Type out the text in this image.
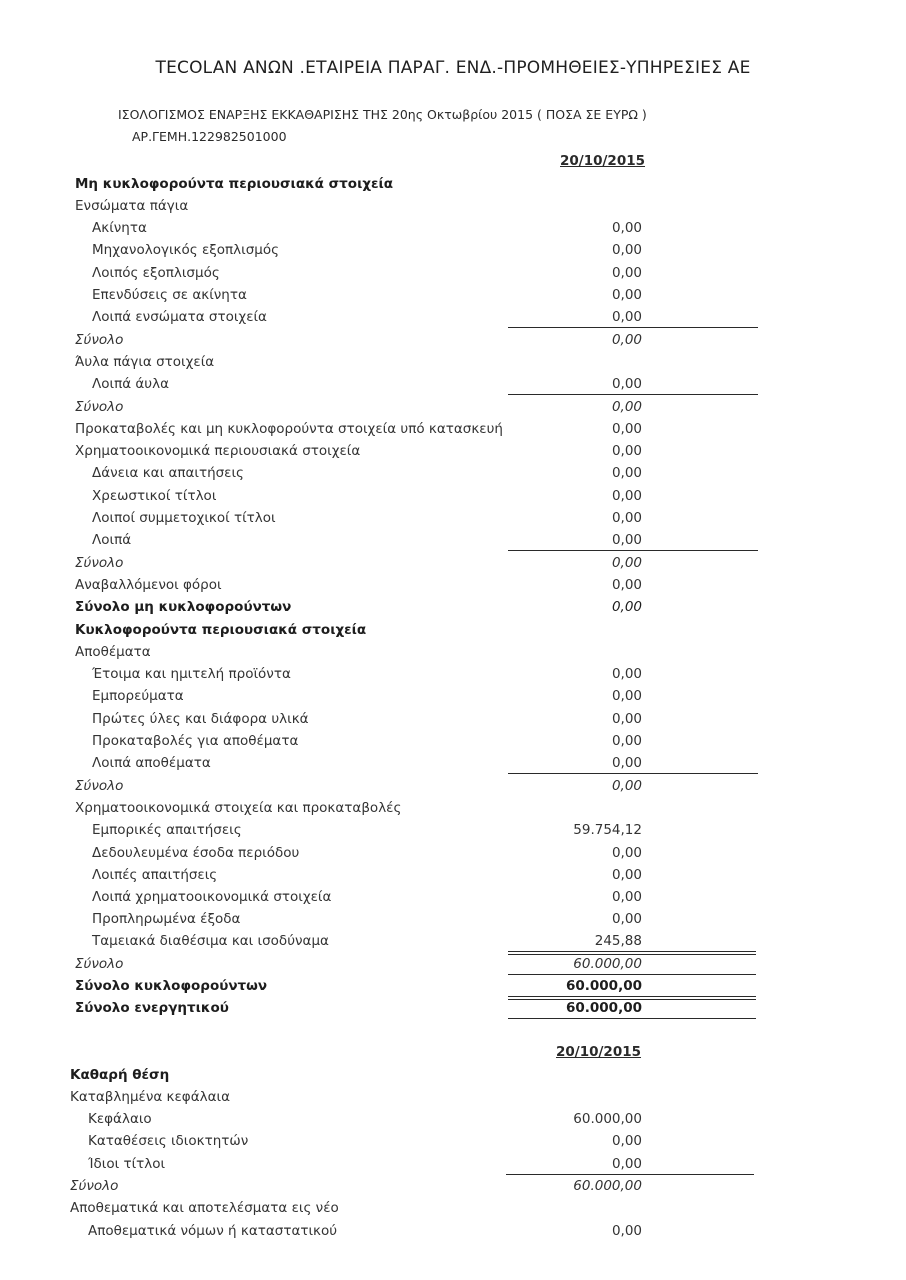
TECOLAN ΑΝΩΝ .ΕΤΑΙΡΕΙΑ ΠΑΡΑΓ. ΕΝΔ.-ΠΡΟΜΗΘΕΙΕΣ-ΥΠΗΡΕΣΙΕΣ ΑΕ
ΙΣΟΛΟΓΙΣΜΟΣ ΕΝΑΡΞΗΣ ΕΚΚΑΘΑΡΙΣΗΣ ΤΗΣ 20ης Οκτωβρίου 2015 ( ΠΟΣΑ ΣΕ ΕΥΡΩ )
ΑΡ.ΓΕΜΗ.122982501000
20/10/2015
Μη κυκλοφορούντα περιουσιακά στοιχεία
Ενσώματα πάγια
Ακίνητα	0,00
Μηχανολογικός εξοπλισμός	0,00
Λοιπός εξοπλισμός	0,00
Επενδύσεις σε ακίνητα	0,00
Λοιπά ενσώματα στοιχεία	0,00
Σύνολο	0,00
Άυλα πάγια στοιχεία
Λοιπά άυλα	0,00
Σύνολο	0,00
Προκαταβολές και μη κυκλοφορούντα στοιχεία υπό κατασκευή	0,00
Χρηματοοικονομικά περιουσιακά στοιχεία	0,00
Δάνεια και απαιτήσεις	0,00
Χρεωστικοί τίτλοι	0,00
Λοιποί συμμετοχικοί τίτλοι	0,00
Λοιπά	0,00
Σύνολο	0,00
Αναβαλλόμενοι φόροι	0,00
Σύνολο μη κυκλοφορούντων	0,00
Κυκλοφορούντα περιουσιακά στοιχεία
Αποθέματα
Έτοιμα και ημιτελή προϊόντα	0,00
Εμπορεύματα	0,00
Πρώτες ύλες και διάφορα υλικά	0,00
Προκαταβολές για αποθέματα	0,00
Λοιπά αποθέματα	0,00
Σύνολο	0,00
Χρηματοοικονομικά στοιχεία και προκαταβολές
Εμπορικές απαιτήσεις	59.754,12
Δεδουλευμένα έσοδα περιόδου	0,00
Λοιπές απαιτήσεις	0,00
Λοιπά χρηματοοικονομικά στοιχεία	0,00
Προπληρωμένα έξοδα	0,00
Ταμειακά διαθέσιμα και ισοδύναμα	245,88
Σύνολο	60.000,00
Σύνολο κυκλοφορούντων	60.000,00
Σύνολο ενεργητικού	60.000,00
20/10/2015
Καθαρή θέση
Καταβλημένα κεφάλαια
Κεφάλαιο	60.000,00
Καταθέσεις ιδιοκτητών	0,00
Ίδιοι τίτλοι	0,00
Σύνολο	60.000,00
Αποθεματικά και αποτελέσματα εις νέο
Αποθεματικά νόμων ή καταστατικού	0,00
